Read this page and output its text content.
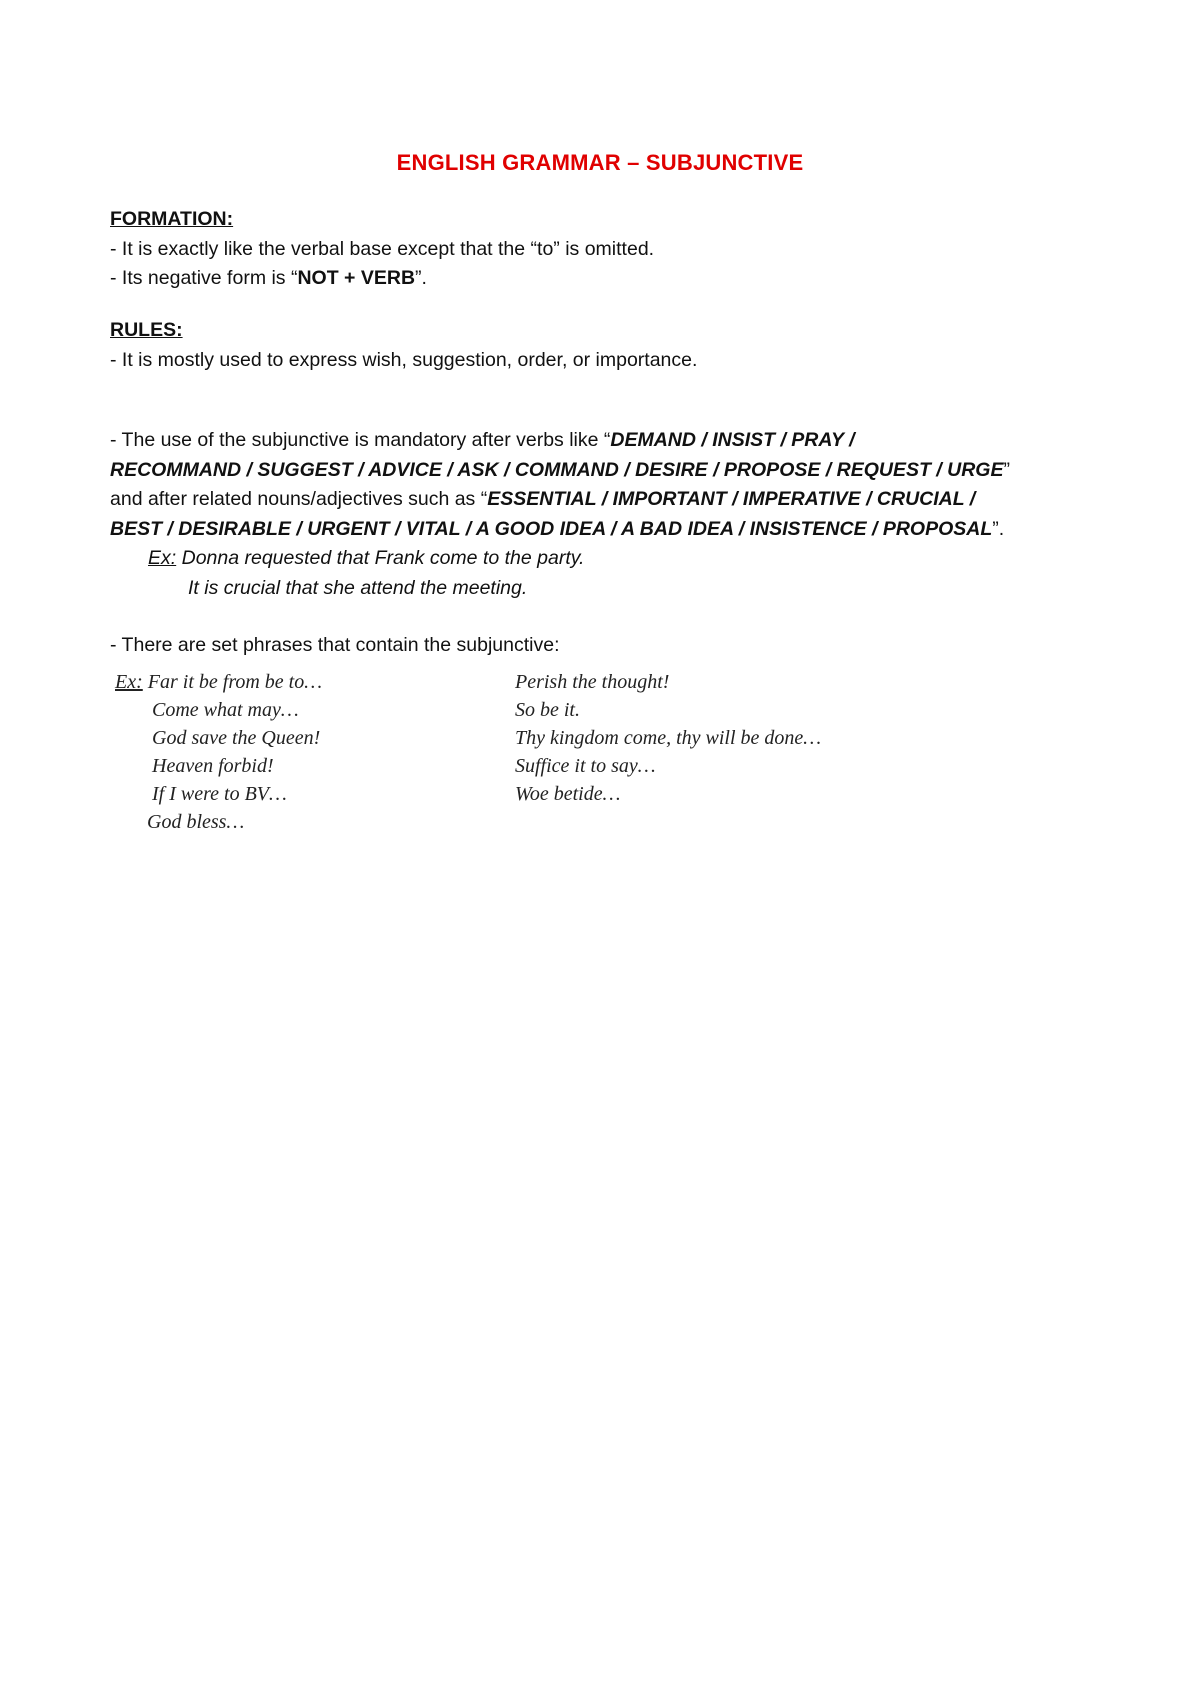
ENGLISH GRAMMAR – SUBJUNCTIVE
FORMATION:
- It is exactly like the verbal base except that the “to” is omitted.
- Its negative form is “NOT + VERB”.
RULES:
- It is mostly used to express wish, suggestion, order, or importance.
- The use of the subjunctive is mandatory after verbs like “DEMAND / INSIST / PRAY /
RECOMMAND / SUGGEST / ADVICE / ASK / COMMAND / DESIRE / PROPOSE / REQUEST / URGE”
and after related nouns/adjectives such as “ESSENTIAL / IMPORTANT / IMPERATIVE / CRUCIAL /
BEST / DESIRABLE / URGENT / VITAL / A GOOD IDEA / A BAD IDEA / INSISTENCE / PROPOSAL”.
Ex: Donna requested that Frank come to the party.
It is crucial that she attend the meeting.
- There are set phrases that contain the subjunctive:
Ex: Far it be from be to…
Come what may…
God save the Queen!
Heaven forbid!
If I were to BV…
God bless…
Perish the thought!
So be it.
Thy kingdom come, thy will be done…
Suffice it to say…
Woe betide…
